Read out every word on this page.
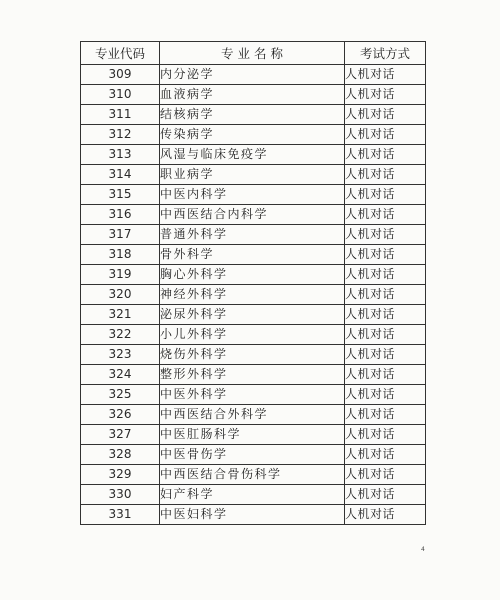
专业代码	专 业 名 称	考试方式
309	内分泌学	人机对话
310	血液病学	人机对话
311	结核病学	人机对话
312	传染病学	人机对话
313	风湿与临床免疫学	人机对话
314	职业病学	人机对话
315	中医内科学	人机对话
316	中西医结合内科学	人机对话
317	普通外科学	人机对话
318	骨外科学	人机对话
319	胸心外科学	人机对话
320	神经外科学	人机对话
321	泌尿外科学	人机对话
322	小儿外科学	人机对话
323	烧伤外科学	人机对话
324	整形外科学	人机对话
325	中医外科学	人机对话
326	中西医结合外科学	人机对话
327	中医肛肠科学	人机对话
328	中医骨伤学	人机对话
329	中西医结合骨伤科学	人机对话
330	妇产科学	人机对话
331	中医妇科学	人机对话
4
